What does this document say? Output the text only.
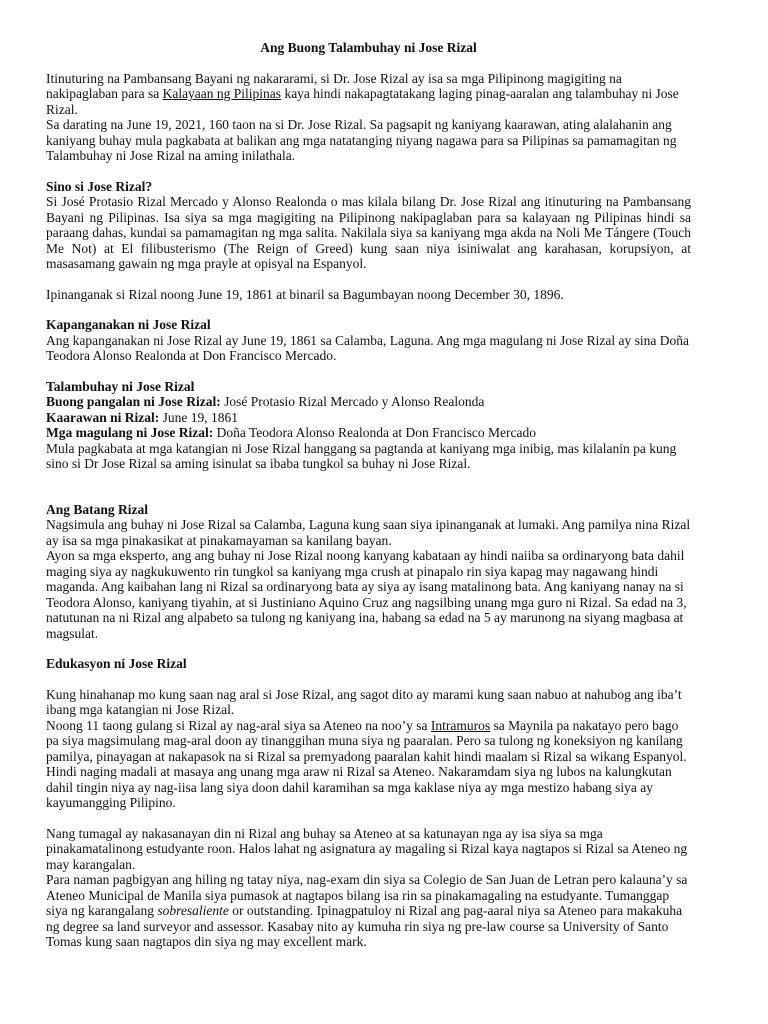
Ang Buong Talambuhay ni Jose Rizal

Itinuturing na Pambansang Bayani ng nakararami, si Dr. Jose Rizal ay isa sa mga Pilipinong magigiting na nakipaglaban para sa Kalayaan ng Pilipinas kaya hindi nakapagtatakang laging pinag-aaralan ang talambuhay ni Jose Rizal.

Sa darating na June 19, 2021, 160 taon na si Dr. Jose Rizal. Sa pagsapit ng kaniyang kaarawan, ating alalahanin ang kaniyang buhay mula pagkabata at balikan ang mga natatanging niyang nagawa para sa Pilipinas sa pamamagitan ng Talambuhay ni Jose Rizal na aming inilathala.

Sino si Jose Rizal?

Si José Protasio Rizal Mercado y Alonso Realonda o mas kilala bilang Dr. Jose Rizal ang itinuturing na Pambansang Bayani ng Pilipinas. Isa siya sa mga magigiting na Pilipinong nakipaglaban para sa kalayaan ng Pilipinas hindi sa paraang dahas, kundai sa pamamagitan ng mga salita. Nakilala siya sa kaniyang mga akda na Noli Me Tángere (Touch Me Not) at El filibusterismo (The Reign of Greed) kung saan niya isiniwalat ang karahasan, korupsiyon, at masasamang gawain ng mga prayle at opisyal na Espanyol.

Ipinanganak si Rizal noong June 19, 1861 at binaril sa Bagumbayan noong December 30, 1896.

Kapanganakan ni Jose Rizal

Ang kapanganakan ni Jose Rizal ay June 19, 1861 sa Calamba, Laguna. Ang mga magulang ni Jose Rizal ay sina Doña Teodora Alonso Realonda at Don Francisco Mercado.

Talambuhay ni Jose Rizal

Buong pangalan ni Jose Rizal: José Protasio Rizal Mercado y Alonso Realonda

Kaarawan ni Rizal: June 19, 1861

Mga magulang ni Jose Rizal: Doña Teodora Alonso Realonda at Don Francisco Mercado

Mula pagkabata at mga katangian ni Jose Rizal hanggang sa pagtanda at kaniyang mga inibig, mas kilalanin pa kung sino si Dr Jose Rizal sa aming isinulat sa ibaba tungkol sa buhay ni Jose Rizal.

Ang Batang Rizal

Nagsimula ang buhay ni Jose Rizal sa Calamba, Laguna kung saan siya ipinanganak at lumaki. Ang pamilya nina Rizal ay isa sa mga pinakasikat at pinakamayaman sa kanilang bayan.

Ayon sa mga eksperto, ang ang buhay ni Jose Rizal noong kanyang kabataan ay hindi naiiba sa ordinaryong bata dahil maging siya ay nagkukuwento rin tungkol sa kaniyang mga crush at pinapalo rin siya kapag may nagawang hindi maganda. Ang kaibahan lang ni Rizal sa ordinaryong bata ay siya ay isang matalinong bata. Ang kaniyang nanay na si Teodora Alonso, kaniyang tiyahin, at si Justiniano Aquino Cruz ang nagsilbing unang mga guro ni Rizal. Sa edad na 3, natutunan na ni Rizal ang alpabeto sa tulong ng kaniyang ina, habang sa edad na 5 ay marunong na siyang magbasa at magsulat.

Edukasyon ni Jose Rizal

Kung hinahanap mo kung saan nag aral si Jose Rizal, ang sagot dito ay marami kung saan nabuo at nahubog ang iba’t ibang mga katangian ni Jose Rizal.

Noong 11 taong gulang si Rizal ay nag-aral siya sa Ateneo na noo’y sa Intramuros sa Maynila pa nakatayo pero bago pa siya magsimulang mag-aral doon ay tinanggihan muna siya ng paaralan. Pero sa tulong ng koneksiyon ng kanilang pamilya, pinayagan at nakapasok na si Rizal sa premyadong paaralan kahit hindi maalam si Rizal sa wikang Espanyol. Hindi naging madali at masaya ang unang mga araw ni Rizal sa Ateneo. Nakaramdam siya ng lubos na kalungkutan dahil tingin niya ay nag-iisa lang siya doon dahil karamihan sa mga kaklase niya ay mga mestizo habang siya ay kayumangging Pilipino.

Nang tumagal ay nakasanayan din ni Rizal ang buhay sa Ateneo at sa katunayan nga ay isa siya sa mga pinakamatalinong estudyante roon. Halos lahat ng asignatura ay magaling si Rizal kaya nagtapos si Rizal sa Ateneo ng may karangalan.

Para naman pagbigyan ang hiling ng tatay niya, nag-exam din siya sa Colegio de San Juan de Letran pero kalauna’y sa Ateneo Municipal de Manila siya pumasok at nagtapos bilang isa rin sa pinakamagaling na estudyante. Tumanggap siya ng karangalang sobresaliente or outstanding. Ipinagpatuloy ni Rizal ang pag-aaral niya sa Ateneo para makakuha ng degree sa land surveyor and assessor. Kasabay nito ay kumuha rin siya ng pre-law course sa University of Santo Tomas kung saan nagtapos din siya ng may excellent mark.
